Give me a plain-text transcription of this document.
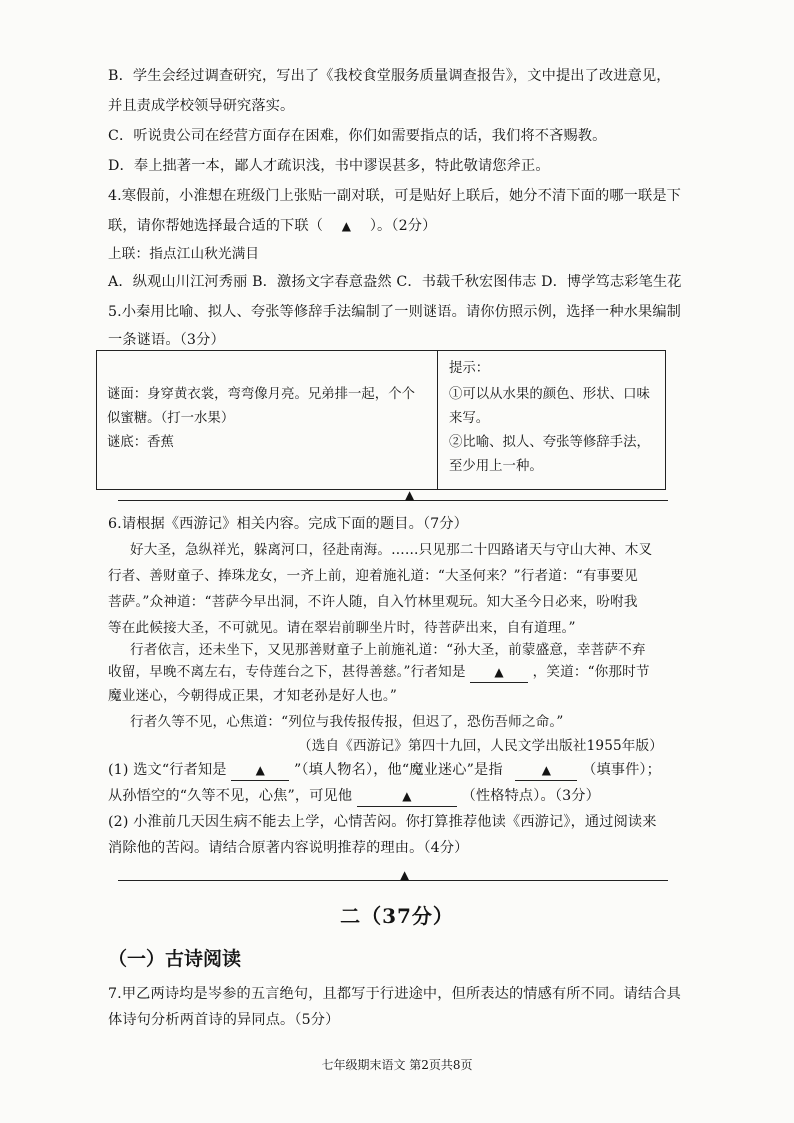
B．学生会经过调查研究，写出了《我校食堂服务质量调查报告》，文中提出了改进意见，
并且责成学校领导研究落实。
C．听说贵公司在经营方面存在困难，你们如需要指点的话，我们将不吝赐教。
D．奉上拙著一本，鄙人才疏识浅，书中谬误甚多，特此敬请您斧正。
4.寒假前，小淮想在班级门上张贴一副对联，可是贴好上联后，她分不清下面的哪一联是下
联，请你帮她选择最合适的下联（ ▲ ）。（2分）
上联：指点江山秋光满目
A．纵观山川江河秀丽 B．激扬文字春意盎然 C．书载千秋宏图伟志 D．博学笃志彩笔生花
5.小秦用比喻、拟人、夸张等修辞手法编制了一则谜语。请你仿照示例，选择一种水果编制
一条谜语。（3分）
谜面：身穿黄衣裳，弯弯像月亮。兄弟排一起，个个
似蜜糖。（打一水果）
谜底：香蕉
提示：
①可以从水果的颜色、形状、口味
来写。
②比喻、拟人、夸张等修辞手法，
至少用上一种。
▲
6.请根据《西游记》相关内容。完成下面的题目。（7分）
好大圣，急纵祥光，躲离河口，径赴南海。……只见那二十四路诸天与守山大神、木叉
行者、善财童子、捧珠龙女，一齐上前，迎着施礼道：“大圣何来？”行者道：“有事要见
菩萨。”众神道：“菩萨今早出洞，不许人随，自入竹林里观玩。知大圣今日必来，吩咐我
等在此候接大圣，不可就见。请在翠岩前聊坐片时，待菩萨出来，自有道理。”
行者依言，还未坐下，又见那善财童子上前施礼道：“孙大圣，前蒙盛意，幸菩萨不弃
收留，早晚不离左右，专侍莲台之下，甚得善慈。”行者知是 ▲ ，笑道：“你那时节
魔业迷心，今朝得成正果，才知老孙是好人也。”
行者久等不见，心焦道：“列位与我传报传报，但迟了，恐伤吾师之命。”
（选自《西游记》第四十九回，人民文学出版社1955年版）
(1) 选文“行者知是 ▲ ”（填人物名），他“魔业迷心”是指	▲ （填事件）；
从孙悟空的“久等不见，心焦”，可见他	▲	（性格特点）。（3分）
(2) 小淮前几天因生病不能去上学，心情苦闷。你打算推荐他读《西游记》，通过阅读来
消除他的苦闷。请结合原著内容说明推荐的理由。（4分）
▲
二（37分）
（一）古诗阅读
7.甲乙两诗均是岑参的五言绝句，且都写于行进途中，但所表达的情感有所不同。请结合具
体诗句分析两首诗的异同点。（5分）
七年级期末语文 第2页共8页
